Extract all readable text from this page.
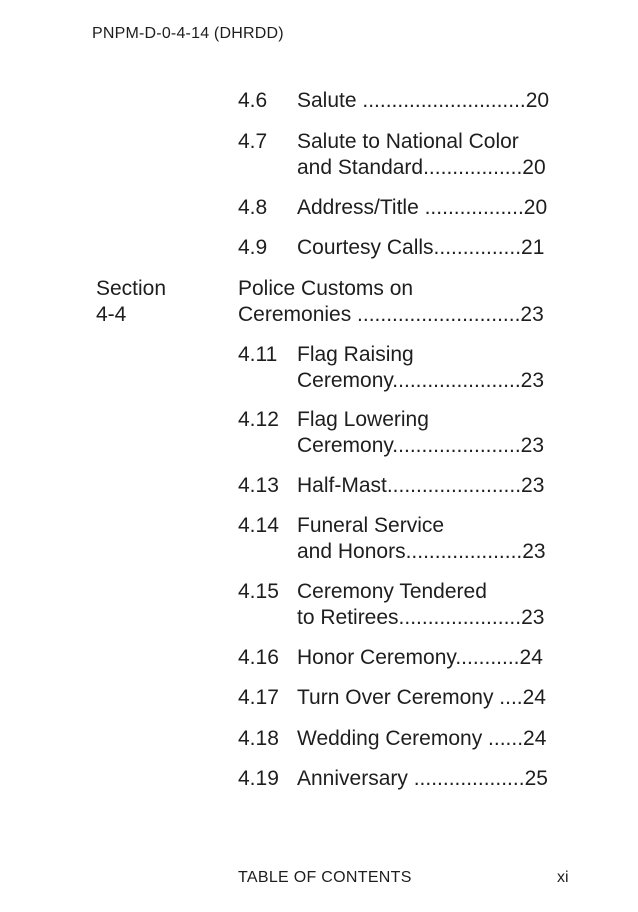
PNPM-D-0-4-14 (DHRDD)
4.6 Salute ............................20
4.7 Salute to National Color
and Standard.................20
4.8 Address/Title .................20
4.9 Courtesy Calls...............21
Section 4-4
Police Customs on
Ceremonies ............................23
4.11 Flag Raising
Ceremony......................23
4.12 Flag Lowering
Ceremony......................23
4.13 Half-Mast.......................23
4.14 Funeral Service
and Honors....................23
4.15 Ceremony Tendered
to Retirees.....................23
4.16 Honor Ceremony...........24
4.17 Turn Over Ceremony ....24
4.18 Wedding Ceremony ......24
4.19 Anniversary ...................25
TABLE OF CONTENTS	xi
